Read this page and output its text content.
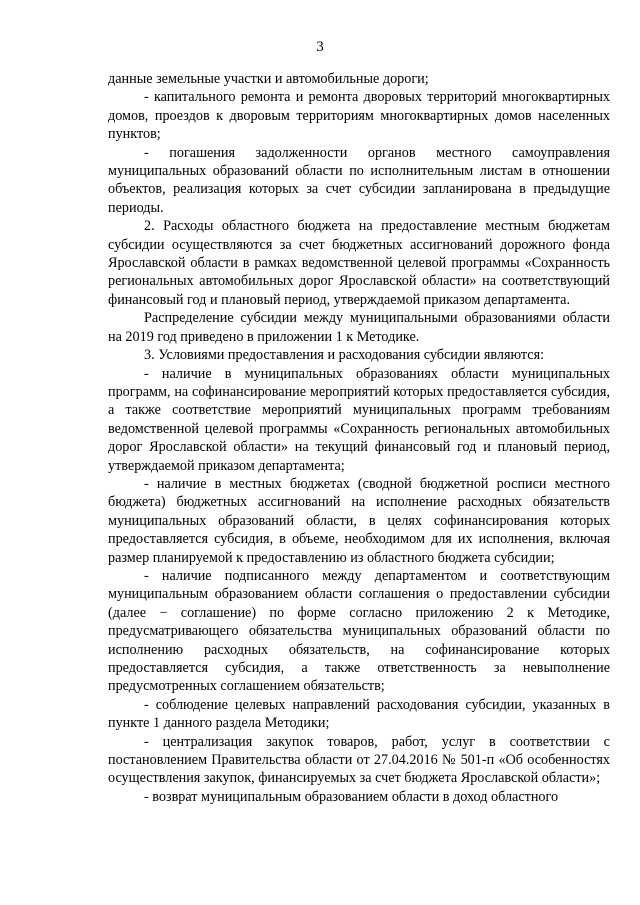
3

данные земельные участки и автомобильные дороги;

- капитального ремонта и ремонта дворовых территорий многоквартирных домов, проездов к дворовым территориям многоквартирных домов населенных пунктов;

- погашения задолженности органов местного самоуправления муниципальных образований области по исполнительным листам в отношении объектов, реализация которых за счет субсидии запланирована в предыдущие периоды.

2. Расходы областного бюджета на предоставление местным бюджетам субсидии осуществляются за счет бюджетных ассигнований дорожного фонда Ярославской области в рамках ведомственной целевой программы «Сохранность региональных автомобильных дорог Ярославской области» на соответствующий финансовый год и плановый период, утверждаемой приказом департамента.

Распределение субсидии между муниципальными образованиями области на 2019 год приведено в приложении 1 к Методике.

3. Условиями предоставления и расходования субсидии являются:

- наличие в муниципальных образованиях области муниципальных программ, на софинансирование мероприятий которых предоставляется субсидия, а также соответствие мероприятий муниципальных программ требованиям ведомственной целевой программы «Сохранность региональных автомобильных дорог Ярославской области» на текущий финансовый год и плановый период, утверждаемой приказом департамента;

- наличие в местных бюджетах (сводной бюджетной росписи местного бюджета) бюджетных ассигнований на исполнение расходных обязательств муниципальных образований области, в целях софинансирования которых предоставляется субсидия, в объеме, необходимом для их исполнения, включая размер планируемой к предоставлению из областного бюджета субсидии;

- наличие подписанного между департаментом и соответствующим муниципальным образованием области соглашения о предоставлении субсидии (далее − соглашение) по форме согласно приложению 2 к Методике, предусматривающего обязательства муниципальных образований области по исполнению расходных обязательств, на софинансирование которых предоставляется субсидия, а также ответственность за невыполнение предусмотренных соглашением обязательств;

- соблюдение целевых направлений расходования субсидии, указанных в пункте 1 данного раздела Методики;

- централизация закупок товаров, работ, услуг в соответствии с постановлением Правительства области от 27.04.2016 № 501-п «Об особенностях осуществления закупок, финансируемых за счет бюджета Ярославской области»;

- возврат муниципальным образованием области в доход областного
